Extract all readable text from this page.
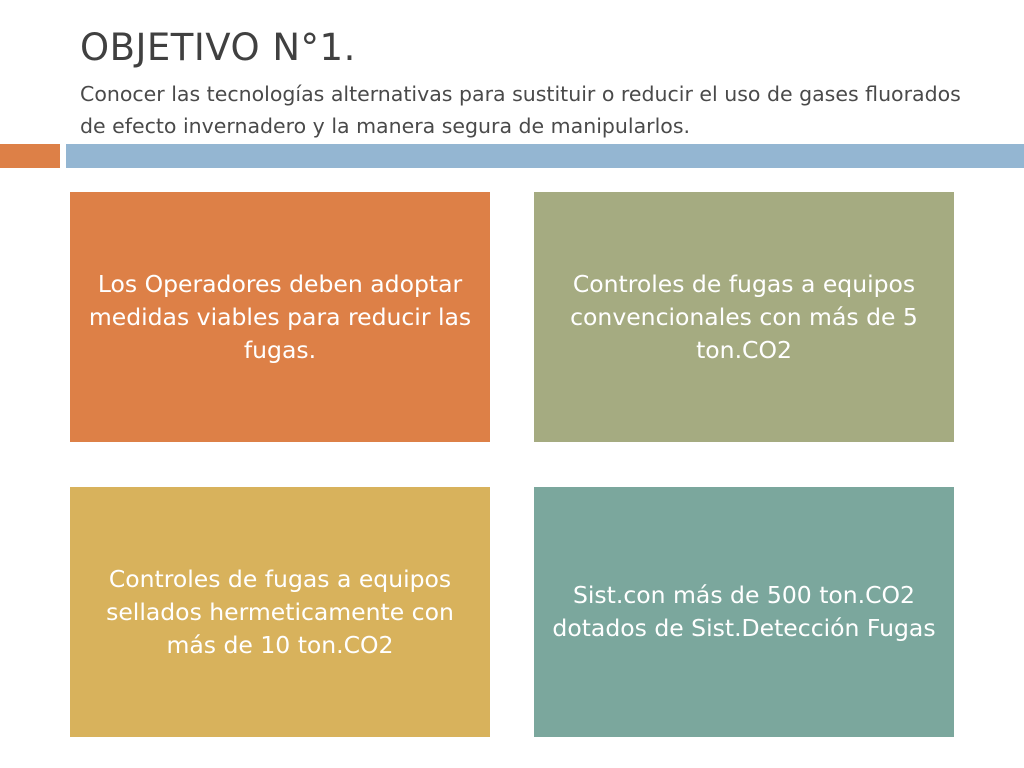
OBJETIVO N°1.

Conocer las tecnologías alternativas para sustituir o reducir el uso de gases fluorados de efecto invernadero y la manera segura de manipularlos.

Los Operadores deben adoptar medidas viables para reducir las fugas.
Controles de fugas a equipos convencionales con más de 5 ton.CO2
Controles de fugas a equipos sellados hermeticamente con más de 10 ton.CO2
Sist.con más de 500 ton.CO2 dotados de Sist.Detección Fugas
